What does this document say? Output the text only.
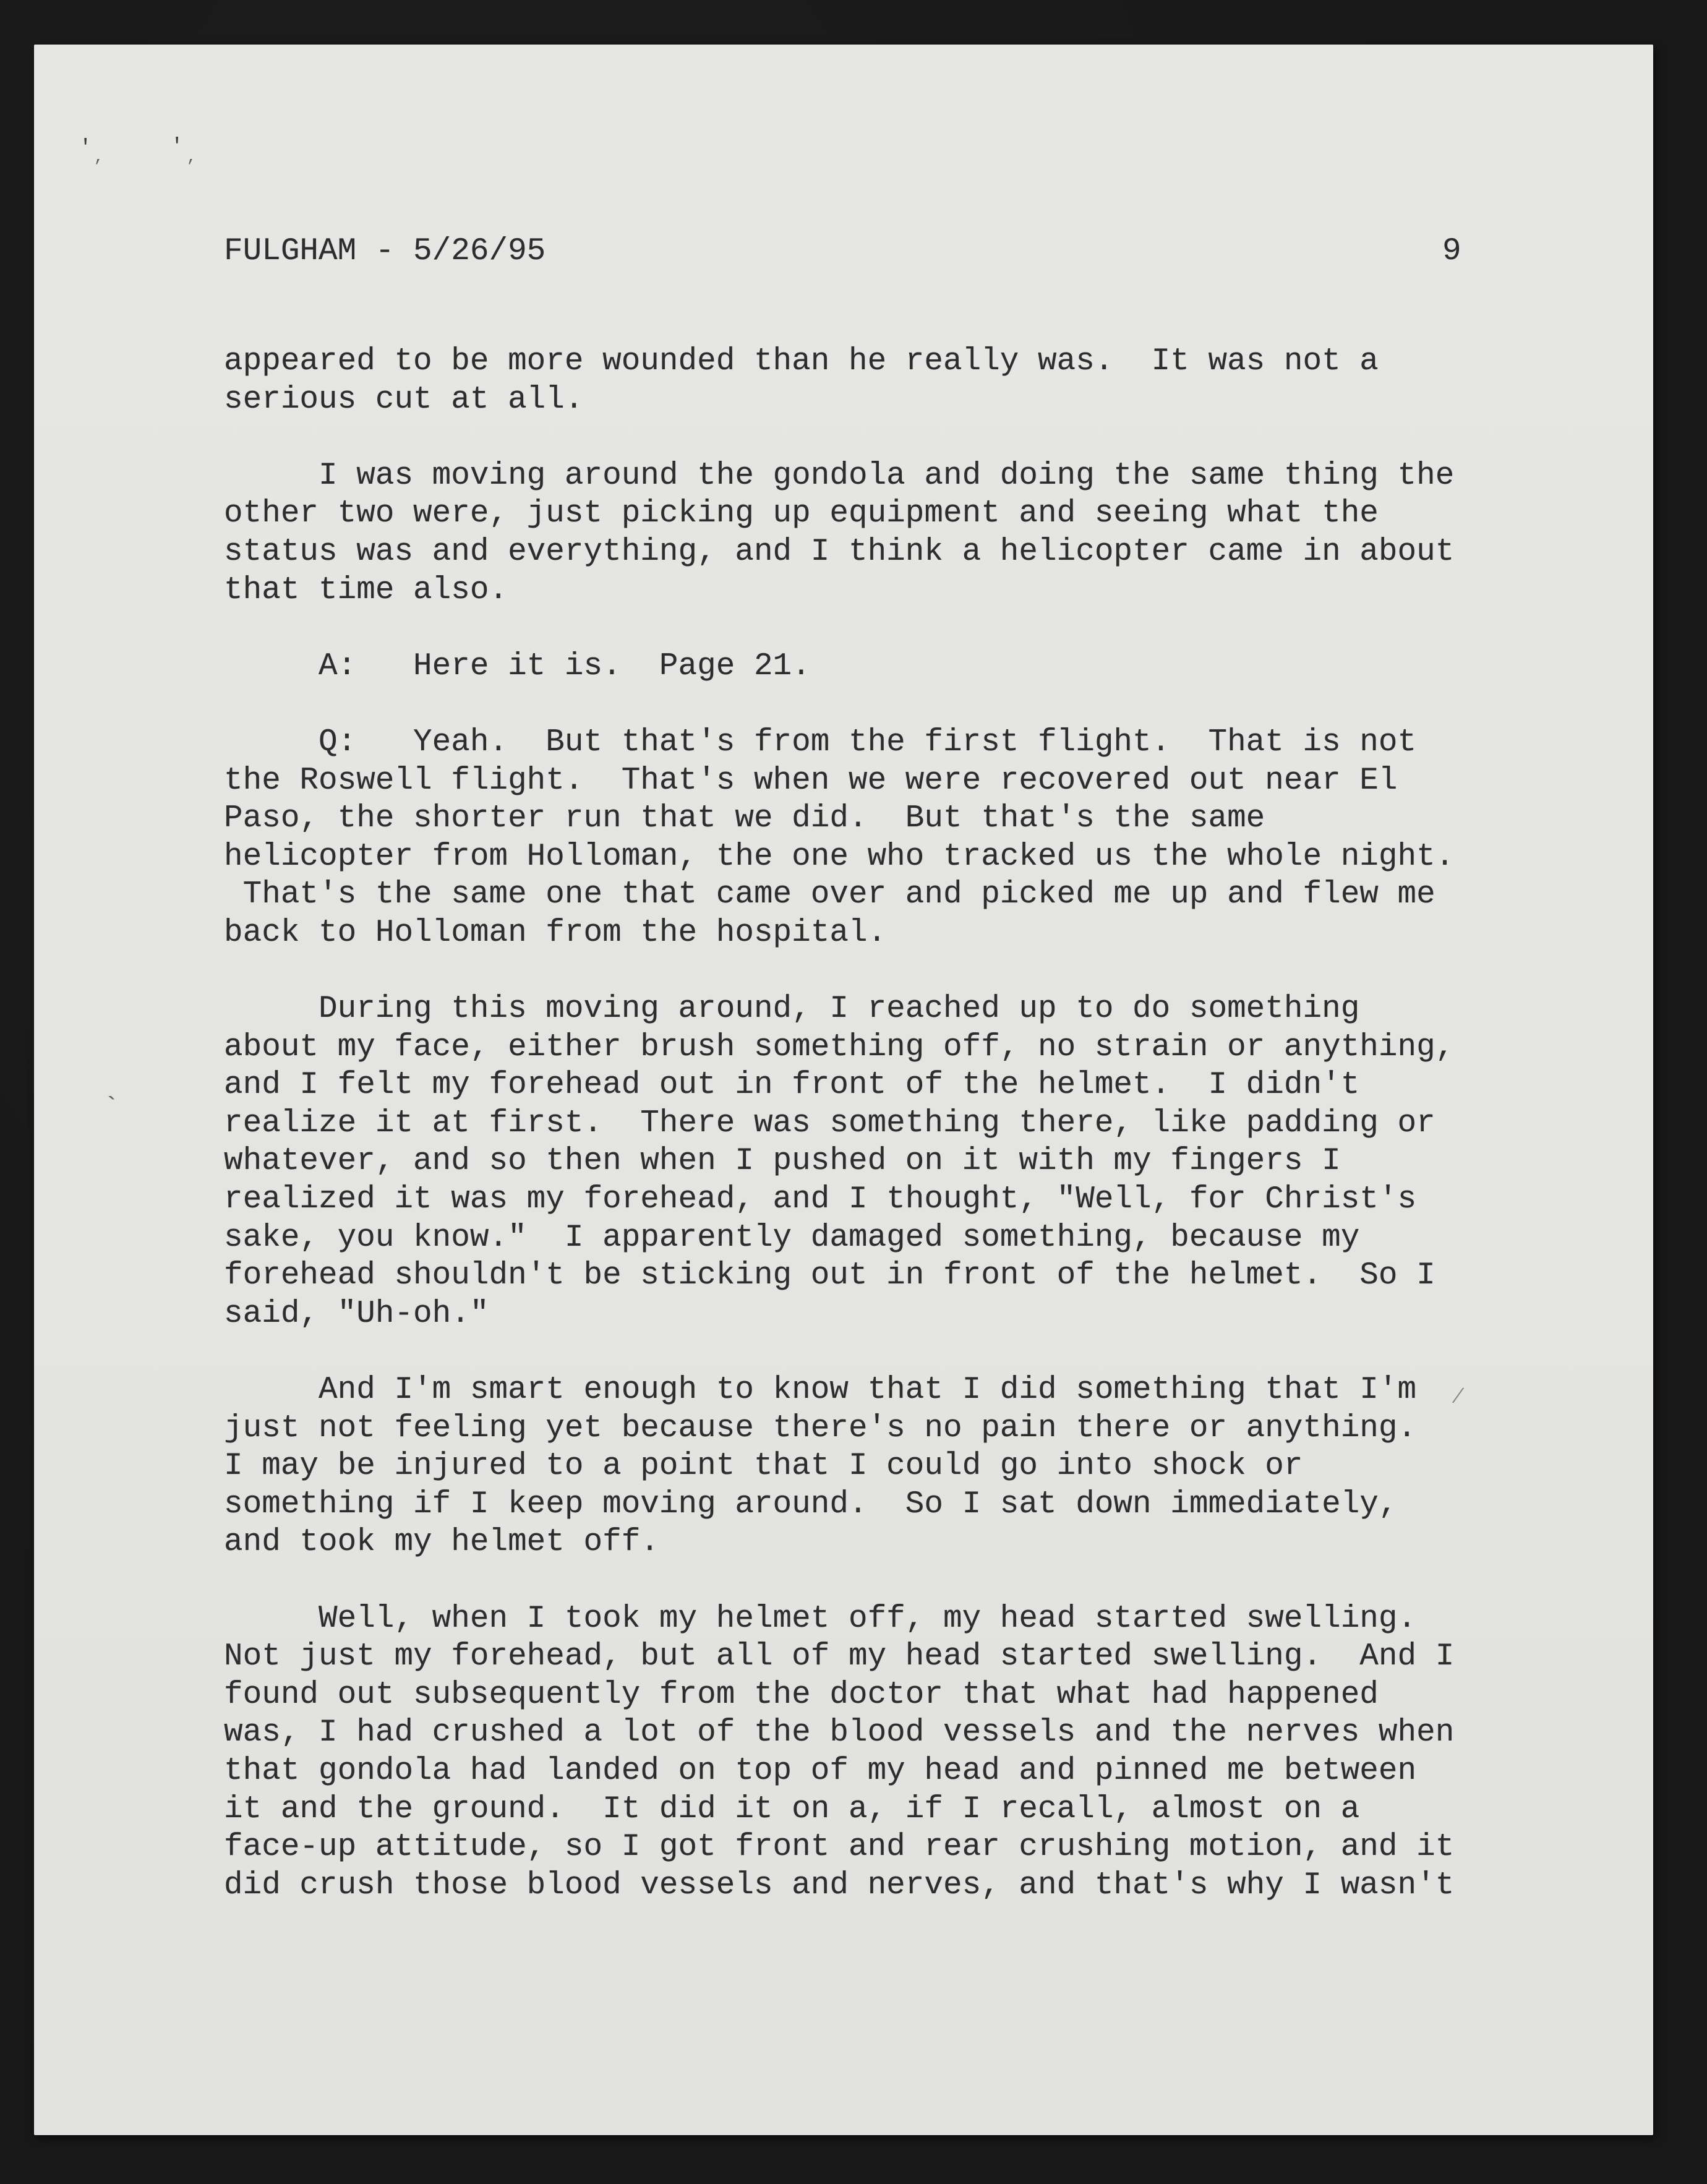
' ,	' ,
`
⁄
FULGHAM - 5/26/95	9
appeared to be more wounded than he really was.  It was not a
serious cut at all.
I was moving around the gondola and doing the same thing the
other two were, just picking up equipment and seeing what the
status was and everything, and I think a helicopter came in about
that time also.
A:   Here it is.  Page 21.
Q:   Yeah.  But that's from the first flight.  That is not
the Roswell flight.  That's when we were recovered out near El
Paso, the shorter run that we did.  But that's the same
helicopter from Holloman, the one who tracked us the whole night.
That's the same one that came over and picked me up and flew me
back to Holloman from the hospital.
During this moving around, I reached up to do something
about my face, either brush something off, no strain or anything,
and I felt my forehead out in front of the helmet.  I didn't
realize it at first.  There was something there, like padding or
whatever, and so then when I pushed on it with my fingers I
realized it was my forehead, and I thought, "Well, for Christ's
sake, you know."  I apparently damaged something, because my
forehead shouldn't be sticking out in front of the helmet.  So I
said, "Uh-oh."
And I'm smart enough to know that I did something that I'm
just not feeling yet because there's no pain there or anything.
I may be injured to a point that I could go into shock or
something if I keep moving around.  So I sat down immediately,
and took my helmet off.
Well, when I took my helmet off, my head started swelling.
Not just my forehead, but all of my head started swelling.  And I
found out subsequently from the doctor that what had happened
was, I had crushed a lot of the blood vessels and the nerves when
that gondola had landed on top of my head and pinned me between
it and the ground.  It did it on a, if I recall, almost on a
face-up attitude, so I got front and rear crushing motion, and it
did crush those blood vessels and nerves, and that's why I wasn't
